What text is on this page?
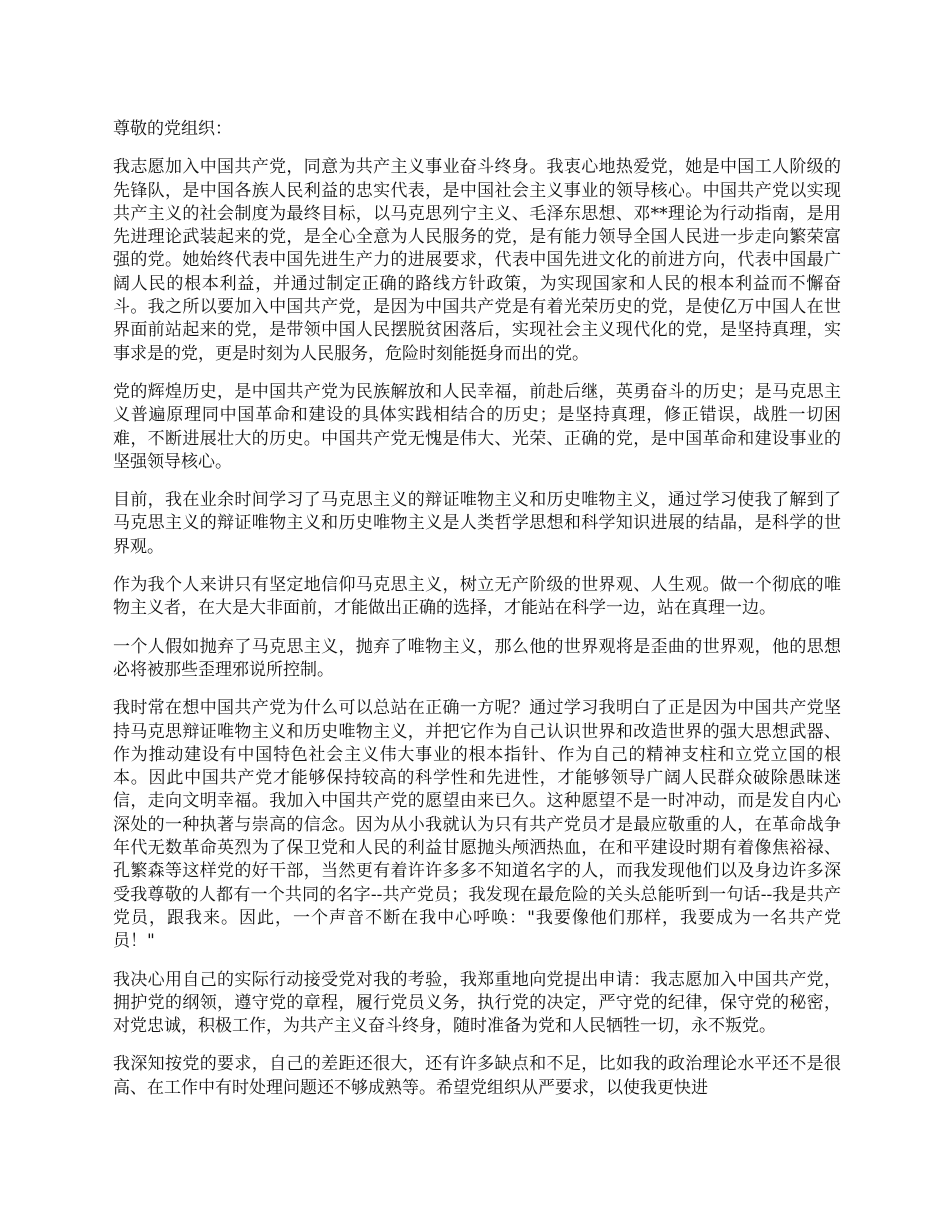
尊敬的党组织：

我志愿加入中国共产党，同意为共产主义事业奋斗终身。我衷心地热爱党，她是中国工人阶级的先锋队，是中国各族人民利益的忠实代表，是中国社会主义事业的领导核心。中国共产党以实现共产主义的社会制度为最终目标，以马克思列宁主义、毛泽东思想、邓**理论为行动指南，是用先进理论武装起来的党，是全心全意为人民服务的党，是有能力领导全国人民进一步走向繁荣富强的党。她始终代表中国先进生产力的进展要求，代表中国先进文化的前进方向，代表中国最广阔人民的根本利益，并通过制定正确的路线方针政策，为实现国家和人民的根本利益而不懈奋斗。我之所以要加入中国共产党，是因为中国共产党是有着光荣历史的党，是使亿万中国人在世界面前站起来的党，是带领中国人民摆脱贫困落后，实现社会主义现代化的党，是坚持真理，实事求是的党，更是时刻为人民服务，危险时刻能挺身而出的党。

党的辉煌历史，是中国共产党为民族解放和人民幸福，前赴后继，英勇奋斗的历史；是马克思主义普遍原理同中国革命和建设的具体实践相结合的历史；是坚持真理，修正错误，战胜一切困难，不断进展壮大的历史。中国共产党无愧是伟大、光荣、正确的党，是中国革命和建设事业的坚强领导核心。

目前，我在业余时间学习了马克思主义的辩证唯物主义和历史唯物主义，通过学习使我了解到了马克思主义的辩证唯物主义和历史唯物主义是人类哲学思想和科学知识进展的结晶，是科学的世界观。

作为我个人来讲只有坚定地信仰马克思主义，树立无产阶级的世界观、人生观。做一个彻底的唯物主义者，在大是大非面前，才能做出正确的选择，才能站在科学一边，站在真理一边。

一个人假如抛弃了马克思主义，抛弃了唯物主义，那么他的世界观将是歪曲的世界观，他的思想必将被那些歪理邪说所控制。

我时常在想中国共产党为什么可以总站在正确一方呢？通过学习我明白了正是因为中国共产党坚持马克思辩证唯物主义和历史唯物主义，并把它作为自己认识世界和改造世界的强大思想武器、作为推动建设有中国特色社会主义伟大事业的根本指针、作为自己的精神支柱和立党立国的根本。因此中国共产党才能够保持较高的科学性和先进性，才能够领导广阔人民群众破除愚昧迷信，走向文明幸福。我加入中国共产党的愿望由来已久。这种愿望不是一时冲动，而是发自内心深处的一种执著与崇高的信念。因为从小我就认为只有共产党员才是最应敬重的人，在革命战争年代无数革命英烈为了保卫党和人民的利益甘愿抛头颅洒热血，在和平建设时期有着像焦裕禄、孔繁森等这样党的好干部，当然更有着许许多多不知道名字的人，而我发现他们以及身边许多深受我尊敬的人都有一个共同的名字--共产党员；我发现在最危险的关头总能听到一句话--我是共产党员，跟我来。因此，一个声音不断在我中心呼唤："我要像他们那样，我要成为一名共产党员！"

我决心用自己的实际行动接受党对我的考验，我郑重地向党提出申请：我志愿加入中国共产党，拥护党的纲领，遵守党的章程，履行党员义务，执行党的决定，严守党的纪律，保守党的秘密，对党忠诚，积极工作，为共产主义奋斗终身，随时准备为党和人民牺牲一切，永不叛党。

我深知按党的要求，自己的差距还很大，还有许多缺点和不足，比如我的政治理论水平还不是很高、在工作中有时处理问题还不够成熟等。希望党组织从严要求，以使我更快进
